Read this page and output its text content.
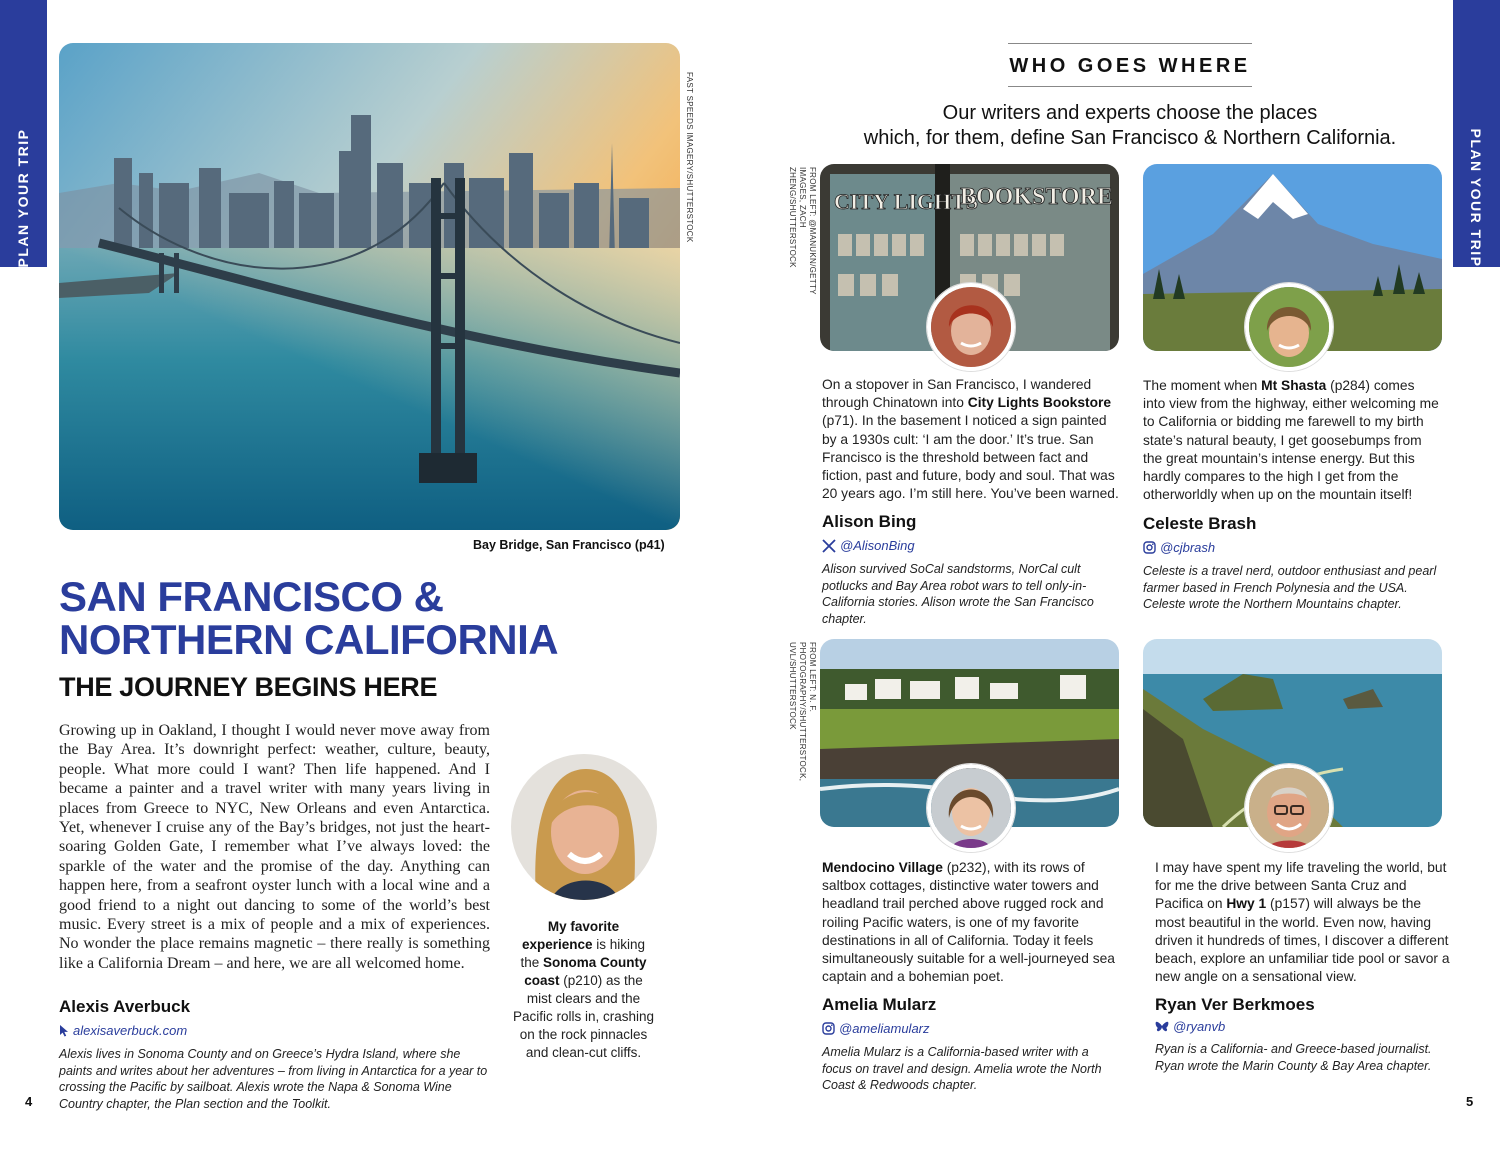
PLAN YOUR TRIP	PLAN YOUR TRIP
FAST SPEEDS IMAGERY/SHUTTERSTOCK
Bay Bridge, San Francisco (p41)
SAN FRANCISCO &
NORTHERN CALIFORNIA
THE JOURNEY BEGINS HERE
Growing up in Oakland, I thought I would never move away from the Bay Area. It’s downright perfect: weather, culture, beauty, people. What more could I want? Then life happened. And I became a painter and a travel writer with many years living in places from Greece to NYC, New Orleans and even Antarctica. Yet, whenever I cruise any of the Bay’s bridges, not just the heart-soaring Golden Gate, I remember what I’ve always loved: the sparkle of the water and the promise of the day. Anything can happen here, from a seafront oyster lunch with a local wine and a good friend to a night out dancing to some of the world’s best music. Every street is a mix of people and a mix of experiences. No wonder the place remains magnetic – there really is something like a California Dream – and here, we are all welcomed home.
Alexis Averbuck
alexisaverbuck.com
Alexis lives in Sonoma County and on Greece’s Hydra Island, where she paints and writes about her adventures – from living in Antarctica for a year to crossing the Pacific by sailboat. Alexis wrote the Napa & Sonoma Wine Country chapter, the Plan section and the Toolkit.
My favorite experience is hiking the Sonoma County coast (p210) as the mist clears and the Pacific rolls in, crashing on the rock pinnacles and clean-cut cliffs.
4
WHO GOES WHERE
Our writers and experts choose the places
which, for them, define San Francisco & Northern California.
FROM LEFT: @MANUKN/GETTY IMAGES, ZACH ZHENG/SHUTTERSTOCK
FROM LEFT: N. F. PHOTOGRAPHY/SHUTTERSTOCK, UVL/SHUTTERSTOCK
CITY LIGHTS
BOOKSTORE
On a stopover in San Francisco, I wandered through Chinatown into City Lights Bookstore (p71). In the basement I noticed a sign painted by a 1930s cult: ‘I am the door.’ It’s true. San Francisco is the threshold between fact and fiction, past and future, body and soul. That was 20 years ago. I’m still here. You’ve been warned.
Alison Bing
@AlisonBing
Alison survived SoCal sandstorms, NorCal cult potlucks and Bay Area robot wars to tell only-in-California stories. Alison wrote the San Francisco chapter.
The moment when Mt Shasta (p284) comes into view from the highway, either welcoming me to California or bidding me farewell to my birth state’s natural beauty, I get goosebumps from the great mountain’s intense energy. But this hardly compares to the high I get from the otherworldly when up on the mountain itself!
Celeste Brash
@cjbrash
Celeste is a travel nerd, outdoor enthusiast and pearl farmer based in French Polynesia and the USA. Celeste wrote the Northern Mountains chapter.
Mendocino Village (p232), with its rows of saltbox cottages, distinctive water towers and headland trail perched above rugged rock and roiling Pacific waters, is one of my favorite destinations in all of California. Today it feels simultaneously suitable for a well-journeyed sea captain and a bohemian poet.
Amelia Mularz
@ameliamularz
Amelia Mularz is a California-based writer with a focus on travel and design. Amelia wrote the North Coast & Redwoods chapter.
I may have spent my life traveling the world, but for me the drive between Santa Cruz and Pacifica on Hwy 1 (p157) will always be the most beautiful in the world. Even now, having driven it hundreds of times, I discover a different beach, explore an unfamiliar tide pool or savor a new angle on a sensational view.
Ryan Ver Berkmoes
@ryanvb
Ryan is a California- and Greece-based journalist. Ryan wrote the Marin County & Bay Area chapter.
5
